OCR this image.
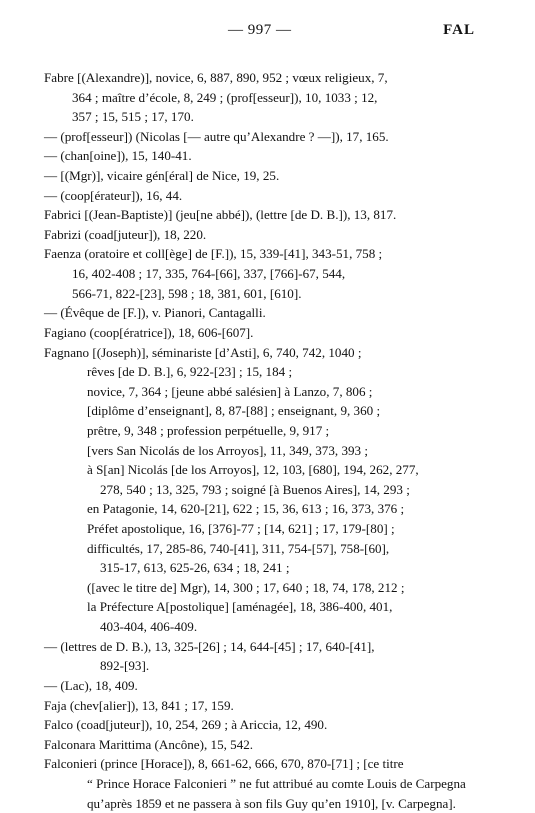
— 997 —	FAL
Fabre [(Alexandre)], novice, 6, 887, 890, 952 ; vœux religieux, 7,
364 ; maître d’école, 8, 249 ; (prof[esseur]), 10, 1033 ; 12,
357 ; 15, 515 ; 17, 170.
— (prof[esseur]) (Nicolas [— autre qu’Alexandre ? —]), 17, 165.
— (chan[oine]), 15, 140-41.
— [(Mgr)], vicaire gén[éral] de Nice, 19, 25.
— (coop[érateur]), 16, 44.
Fabrici [(Jean-Baptiste)] (jeu[ne abbé]), (lettre [de D. B.]), 13, 817.
Fabrizi (coad[juteur]), 18, 220.
Faenza (oratoire et coll[ège] de [F.]), 15, 339-[41], 343-51, 758 ;
16, 402-408 ; 17, 335, 764-[66], 337, [766]-67, 544,
566-71, 822-[23], 598 ; 18, 381, 601, [610].
— (Évêque de [F.]), v. Pianori, Cantagalli.
Fagiano (coop[ératrice]), 18, 606-[607].
Fagnano [(Joseph)], séminariste [d’Asti], 6, 740, 742, 1040 ;
rêves [de D. B.], 6, 922-[23] ; 15, 184 ;
novice, 7, 364 ; [jeune abbé salésien] à Lanzo, 7, 806 ;
[diplôme d’enseignant], 8, 87-[88] ; enseignant, 9, 360 ;
prêtre, 9, 348 ; profession perpétuelle, 9, 917 ;
[vers San Nicolás de los Arroyos], 11, 349, 373, 393 ;
à S[an] Nicolás [de los Arroyos], 12, 103, [680], 194, 262, 277,
278, 540 ; 13, 325, 793 ; soigné [à Buenos Aires], 14, 293 ;
en Patagonie, 14, 620-[21], 622 ; 15, 36, 613 ; 16, 373, 376 ;
Préfet apostolique, 16, [376]-77 ; [14, 621] ; 17, 179-[80] ;
difficultés, 17, 285-86, 740-[41], 311, 754-[57], 758-[60],
315-17, 613, 625-26, 634 ; 18, 241 ;
([avec le titre de] Mgr), 14, 300 ; 17, 640 ; 18, 74, 178, 212 ;
la Préfecture A[postolique] [aménagée], 18, 386-400, 401,
403-404, 406-409.
— (lettres de D. B.), 13, 325-[26] ; 14, 644-[45] ; 17, 640-[41],
892-[93].
— (Lac), 18, 409.
Faja (chev[alier]), 13, 841 ; 17, 159.
Falco (coad[juteur]), 10, 254, 269 ; à Ariccia, 12, 490.
Falconara Marittima (Ancône), 15, 542.
Falconieri (prince [Horace]), 8, 661-62, 666, 670, 870-[71] ; [ce titre
“ Prince Horace Falconieri ” ne fut attribué au comte Louis de Carpegna
qu’après 1859 et ne passera à son fils Guy qu’en 1910], [v. Carpegna].
